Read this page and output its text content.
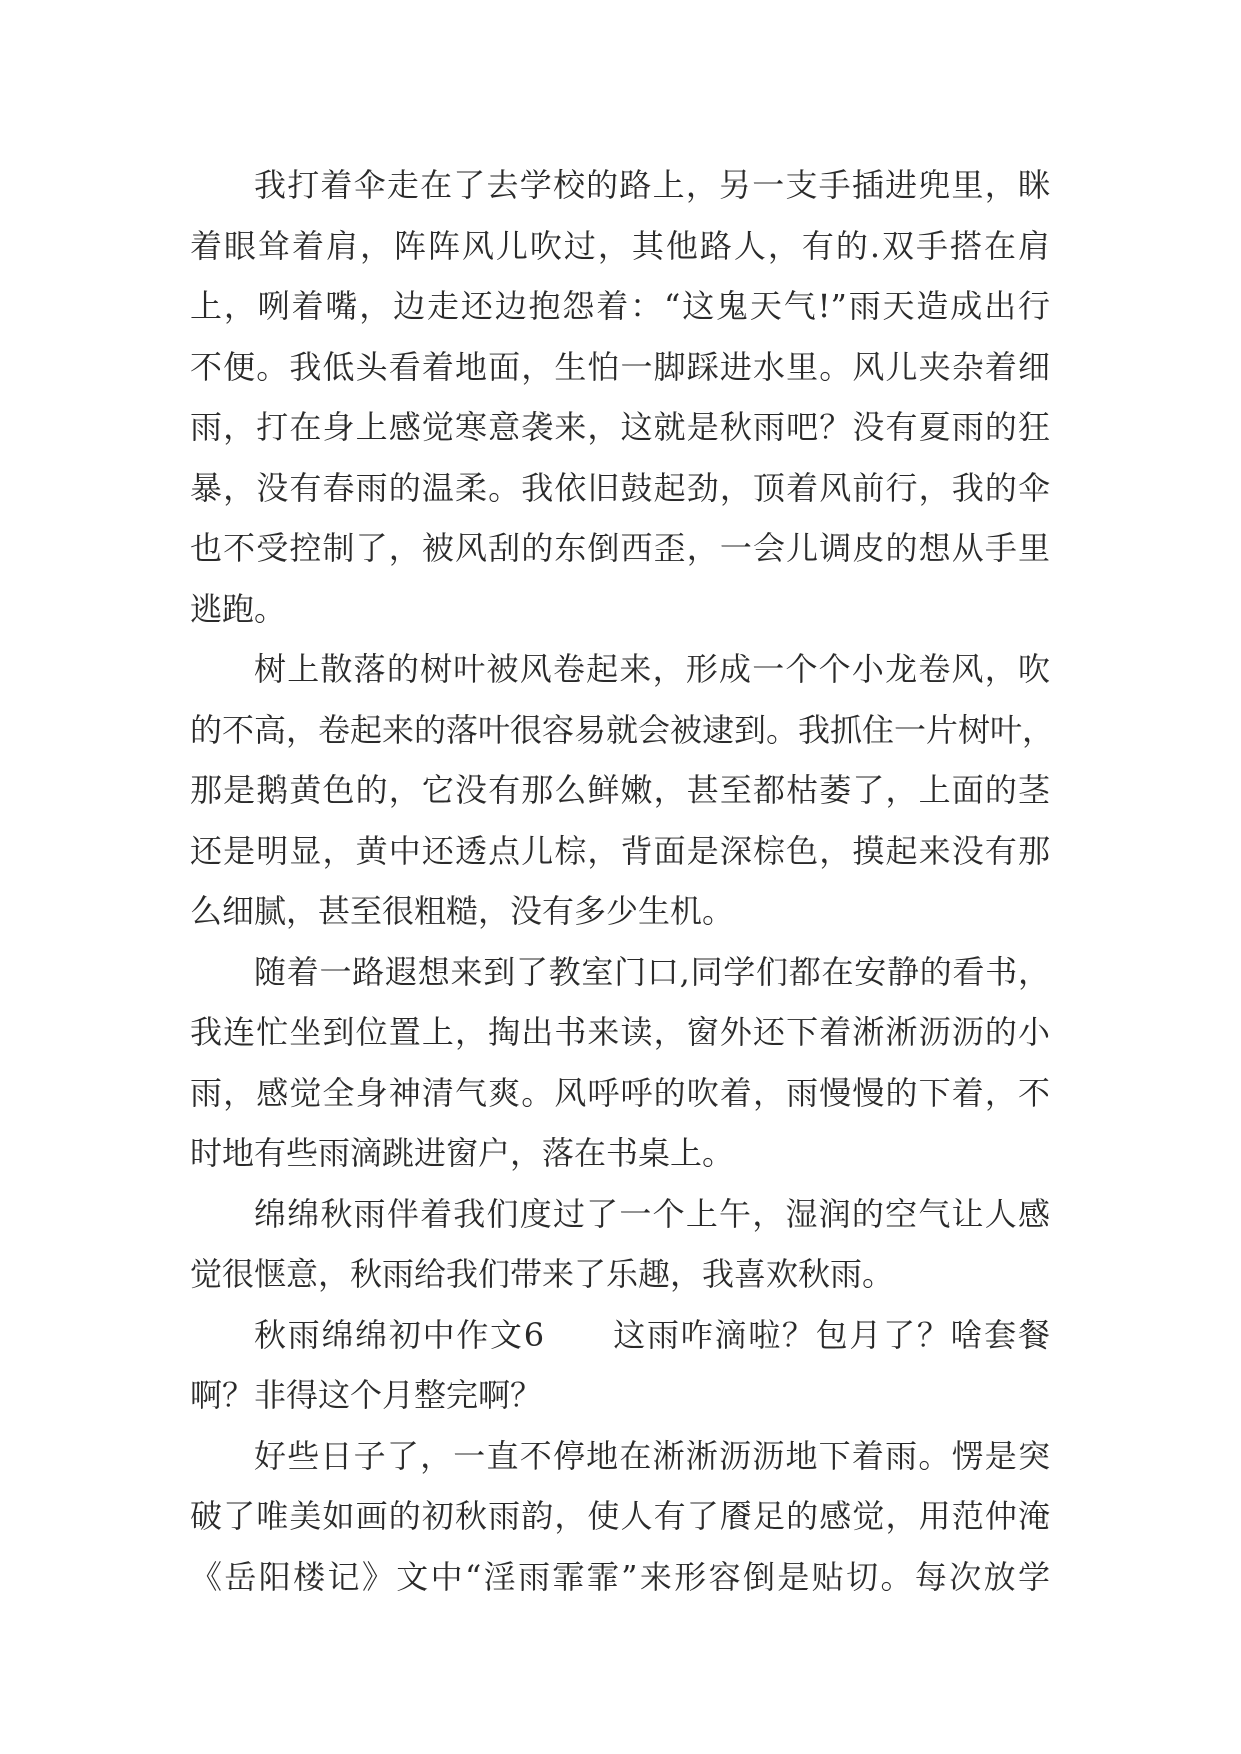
我打着伞走在了去学校的路上，另一支手插进兜里，眯
着眼耸着肩，阵阵风儿吹过，其他路人，有的.双手搭在肩
上，咧着嘴，边走还边抱怨着：“这鬼天气!”雨天造成出行
不便。我低头看着地面，生怕一脚踩进水里。风儿夹杂着细
雨，打在身上感觉寒意袭来，这就是秋雨吧？没有夏雨的狂
暴，没有春雨的温柔。我依旧鼓起劲，顶着风前行，我的伞
也不受控制了，被风刮的东倒西歪，一会儿调皮的想从手里
逃跑。
树上散落的树叶被风卷起来，形成一个个小龙卷风，吹
的不高，卷起来的落叶很容易就会被逮到。我抓住一片树叶，
那是鹅黄色的，它没有那么鲜嫩，甚至都枯萎了，上面的茎
还是明显，黄中还透点儿棕，背面是深棕色，摸起来没有那
么细腻，甚至很粗糙，没有多少生机。
随着一路遐想来到了教室门口,同学们都在安静的看书，
我连忙坐到位置上，掏出书来读，窗外还下着淅淅沥沥的小
雨，感觉全身神清气爽。风呼呼的吹着，雨慢慢的下着，不
时地有些雨滴跳进窗户，落在书桌上。
绵绵秋雨伴着我们度过了一个上午，湿润的空气让人感
觉很惬意，秋雨给我们带来了乐趣，我喜欢秋雨。
秋雨绵绵初中作文6　　这雨咋滴啦？包月了？啥套餐
啊？非得这个月整完啊？
好些日子了，一直不停地在淅淅沥沥地下着雨。愣是突
破了唯美如画的初秋雨韵，使人有了餍足的感觉，用范仲淹
《岳阳楼记》文中“淫雨霏霏”来形容倒是贴切。每次放学
